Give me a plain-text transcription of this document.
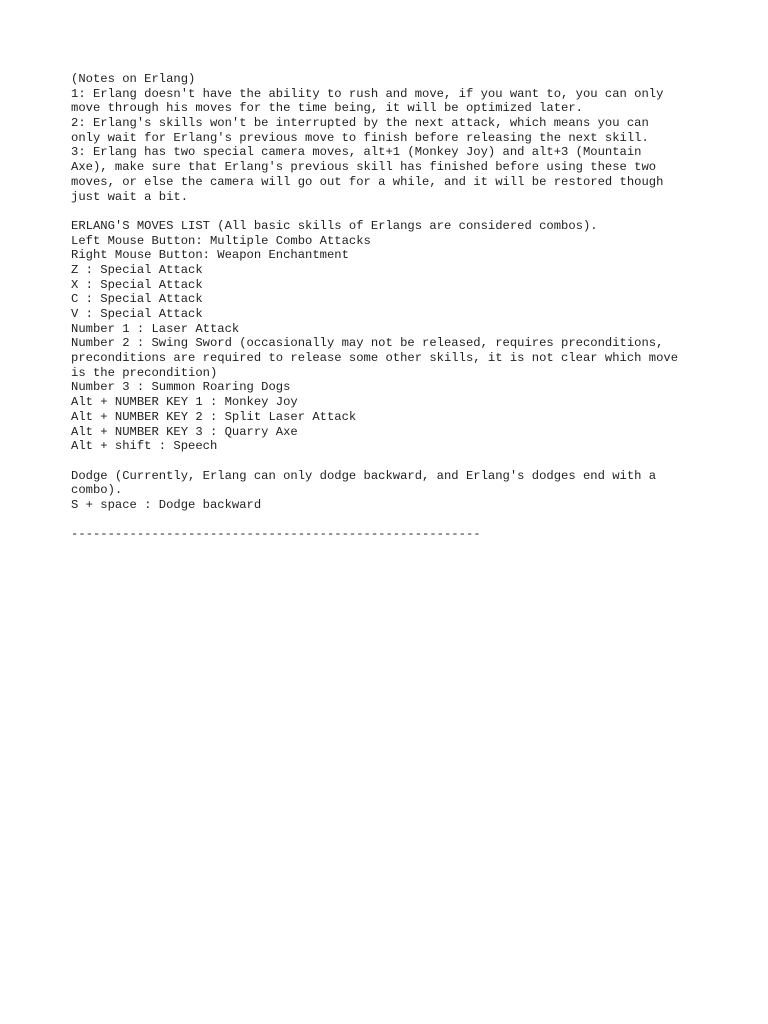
(Notes on Erlang)
1: Erlang doesn't have the ability to rush and move, if you want to, you can only
move through his moves for the time being, it will be optimized later.
2: Erlang's skills won't be interrupted by the next attack, which means you can
only wait for Erlang's previous move to finish before releasing the next skill.
3: Erlang has two special camera moves, alt+1 (Monkey Joy) and alt+3 (Mountain
Axe), make sure that Erlang's previous skill has finished before using these two
moves, or else the camera will go out for a while, and it will be restored though
just wait a bit.
ERLANG'S MOVES LIST (All basic skills of Erlangs are considered combos).
Left Mouse Button: Multiple Combo Attacks
Right Mouse Button: Weapon Enchantment
Z : Special Attack
X : Special Attack
C : Special Attack
V : Special Attack
Number 1 : Laser Attack
Number 2 : Swing Sword (occasionally may not be released, requires preconditions,
preconditions are required to release some other skills, it is not clear which move
is the precondition)
Number 3 : Summon Roaring Dogs
Alt + NUMBER KEY 1 : Monkey Joy
Alt + NUMBER KEY 2 : Split Laser Attack
Alt + NUMBER KEY 3 : Quarry Axe
Alt + shift : Speech
Dodge (Currently, Erlang can only dodge backward, and Erlang's dodges end with a
combo).
S + space : Dodge backward
--------------------------------------------------------
